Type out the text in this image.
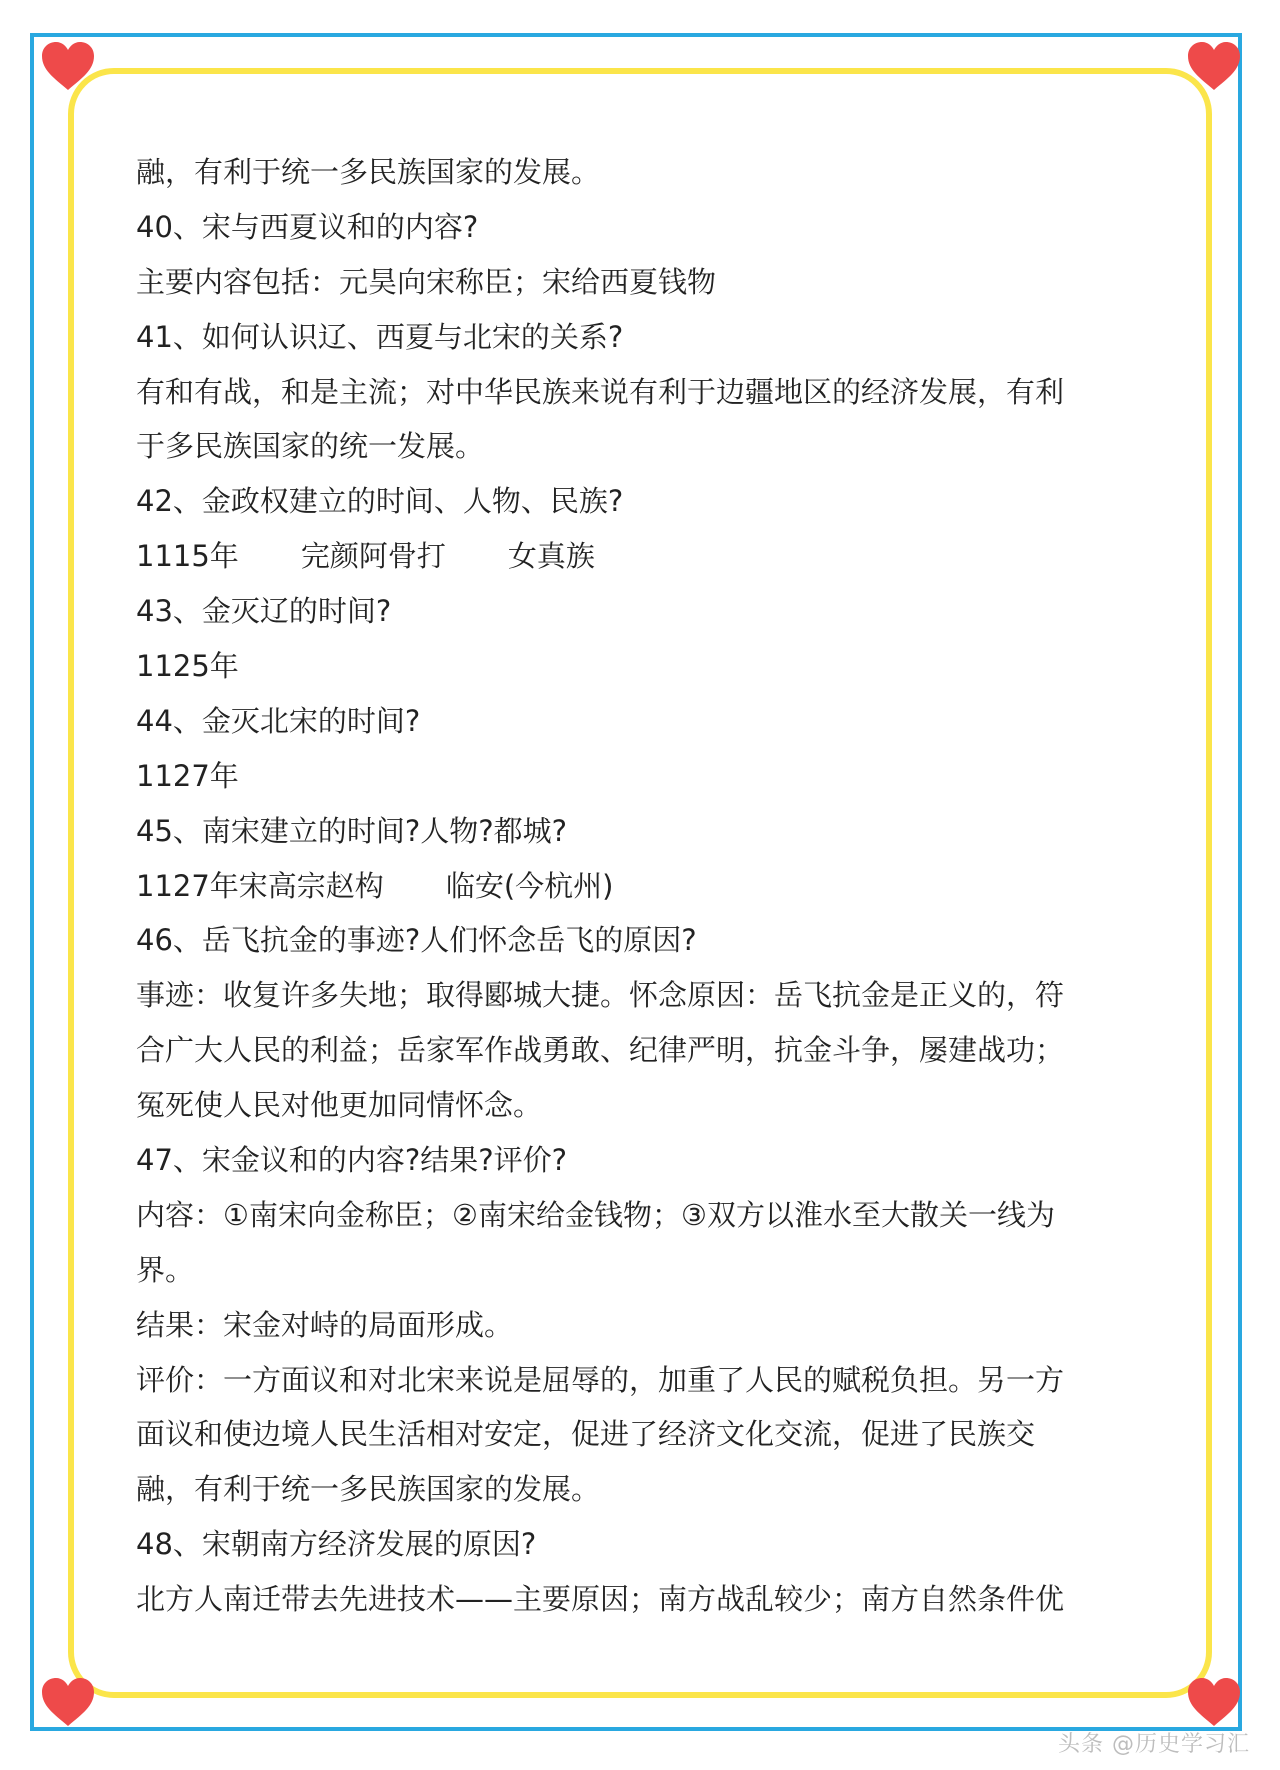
融，有利于统一多民族国家的发展。
40、宋与西夏议和的内容?
主要内容包括：元昊向宋称臣；宋给西夏钱物
41、如何认识辽、西夏与北宋的关系?
有和有战，和是主流；对中华民族来说有利于边疆地区的经济发展，有利
于多民族国家的统一发展。
42、金政权建立的时间、人物、民族?
1115年 完颜阿骨打 女真族
43、金灭辽的时间?
1125年
44、金灭北宋的时间?
1127年
45、南宋建立的时间?人物?都城?
1127年宋高宗赵构 临安(今杭州)
46、岳飞抗金的事迹?人们怀念岳飞的原因?
事迹：收复许多失地；取得郾城大捷。怀念原因：岳飞抗金是正义的，符
合广大人民的利益；岳家军作战勇敢、纪律严明，抗金斗争，屡建战功；
冤死使人民对他更加同情怀念。
47、宋金议和的内容?结果?评价?
内容：①南宋向金称臣；②南宋给金钱物；③双方以淮水至大散关一线为
界。
结果：宋金对峙的局面形成。
评价：一方面议和对北宋来说是屈辱的，加重了人民的赋税负担。另一方
面议和使边境人民生活相对安定，促进了经济文化交流，促进了民族交
融，有利于统一多民族国家的发展。
48、宋朝南方经济发展的原因?
北方人南迁带去先进技术——主要原因；南方战乱较少；南方自然条件优
头条 @历史学习汇
